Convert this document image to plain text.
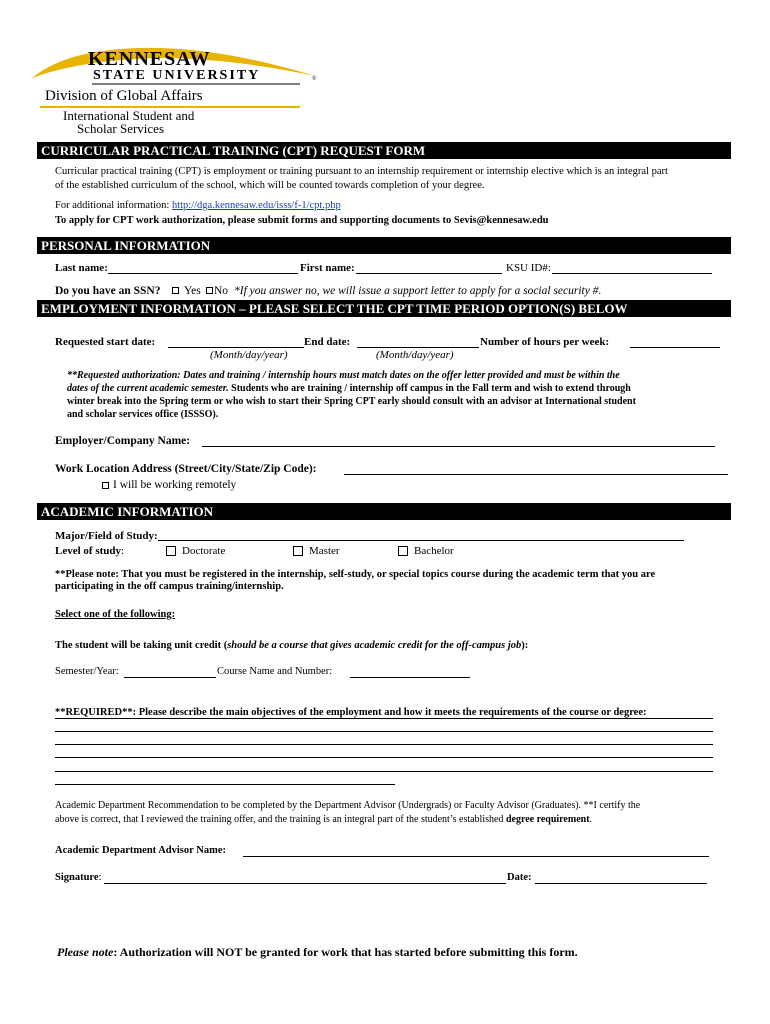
KENNESAW
STATE UNIVERSITY	®
Division of Global Affairs
International Student and
Scholar Services
CURRICULAR PRACTICAL TRAINING (CPT) REQUEST FORM
Curricular practical training (CPT) is employment or training pursuant to an internship requirement or internship elective which is an integral part
of the established curriculum of the school, which will be counted towards completion of your degree.
For additional information: http://dga.kennesaw.edu/isss/f-1/cpt.php
To apply for CPT work authorization, please submit forms and supporting documents to Sevis@kennesaw.edu
PERSONAL INFORMATION
Last name:	First name:	KSU ID#:
Do you have an SSN? Yes No *If you answer no, we will issue a support letter to apply for a social security #.
EMPLOYMENT INFORMATION – PLEASE SELECT THE CPT TIME PERIOD OPTION(S) BELOW
Requested start date:	End date:	Number of hours per week:
(Month/day/year)	(Month/day/year)
**Requested authorization: Dates and training / internship hours must match dates on the offer letter provided and must be within the
dates of the current academic semester. Students who are training / internship off campus in the Fall term and wish to extend through
winter break into the Spring term or who wish to start their Spring CPT early should consult with an advisor at International student
and scholar services office (ISSSO).
Employer/Company Name:
Work Location Address (Street/City/State/Zip Code):
I will be working remotely
ACADEMIC INFORMATION
Major/Field of Study:
Level of study:	Doctorate	Master	Bachelor
**Please note: That you must be registered in the internship, self-study, or special topics course during the academic term that you are
participating in the off campus training/internship.
Select one of the following:
The student will be taking unit credit (should be a course that gives academic credit for the off-campus job):
Semester/Year:	Course Name and Number:
**REQUIRED**: Please describe the main objectives of the employment and how it meets the requirements of the course or degree:
Academic Department Recommendation to be completed by the Department Advisor (Undergrads) or Faculty Advisor (Graduates). **I certify the
above is correct, that I reviewed the training offer, and the training is an integral part of the student’s established degree requirement.
Academic Department Advisor Name:
Signature:	Date:
Please note: Authorization will NOT be granted for work that has started before submitting this form.
